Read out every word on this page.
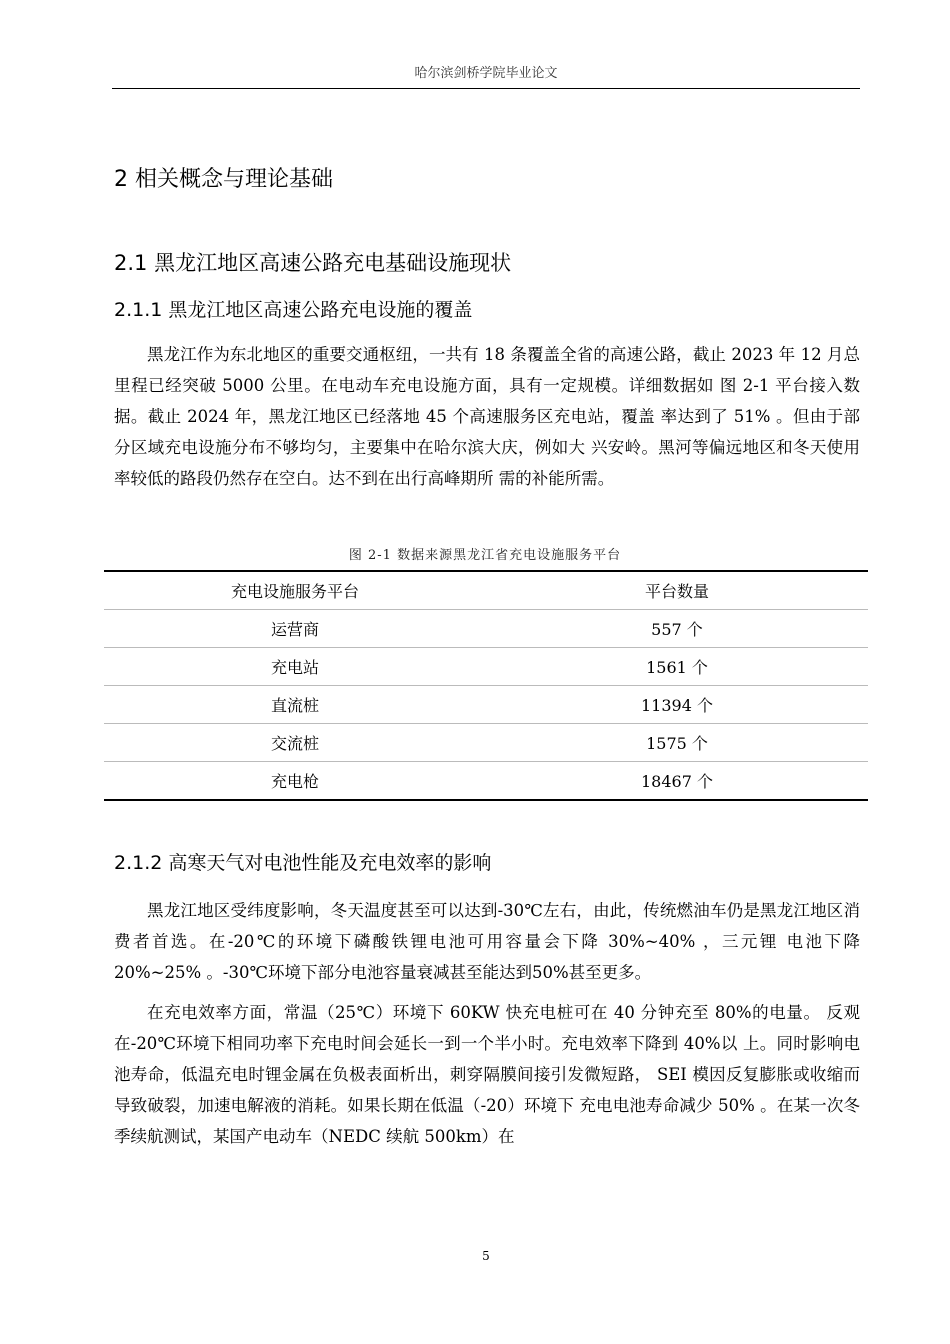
哈尔滨剑桥学院毕业论文
2 相关概念与理论基础
2.1 黑龙江地区高速公路充电基础设施现状
2.1.1 黑龙江地区高速公路充电设施的覆盖

黑龙江作为东北地区的重要交通枢纽，一共有 18 条覆盖全省的高速公路，截止 2023 年 12 月总里程已经突破 5000 公里。在电动车充电设施方面，具有一定规模。详细数据如 图 2-1 平台接入数据。截止 2024 年，黑龙江地区已经落地 45 个高速服务区充电站，覆盖 率达到了 51% 。但由于部分区域充电设施分布不够均匀，主要集中在哈尔滨大庆，例如大 兴安岭。黑河等偏远地区和冬天使用率较低的路段仍然存在空白。达不到在出行高峰期所 需的补能所需。

图 2-1 数据来源黑龙江省充电设施服务平台
充电设施服务平台	平台数量
运营商	557 个
充电站	1561 个
直流桩	11394 个
交流桩	1575 个
充电枪	18467 个
2.1.2 高寒天气对电池性能及充电效率的影响

黑龙江地区受纬度影响，冬天温度甚至可以达到-30℃左右，由此，传统燃油车仍是黑龙江地区消费者首选。在-20℃的环境下磷酸铁锂电池可用容量会下降 30%~40% ，三元锂 电池下降 20%~25% 。-30℃环境下部分电池容量衰减甚至能达到50%甚至更多。

在充电效率方面，常温（25℃）环境下 60KW 快充电桩可在 40 分钟充至 80%的电量。 反观在-20℃环境下相同功率下充电时间会延长一到一个半小时。充电效率下降到 40%以 上。同时影响电池寿命，低温充电时锂金属在负极表面析出，刺穿隔膜间接引发微短路， SEI 模因反复膨胀或收缩而导致破裂，加速电解液的消耗。如果长期在低温（-20）环境下 充电电池寿命减少 50% 。在某一次冬季续航测试，某国产电动车（NEDC 续航 500km）在

5
